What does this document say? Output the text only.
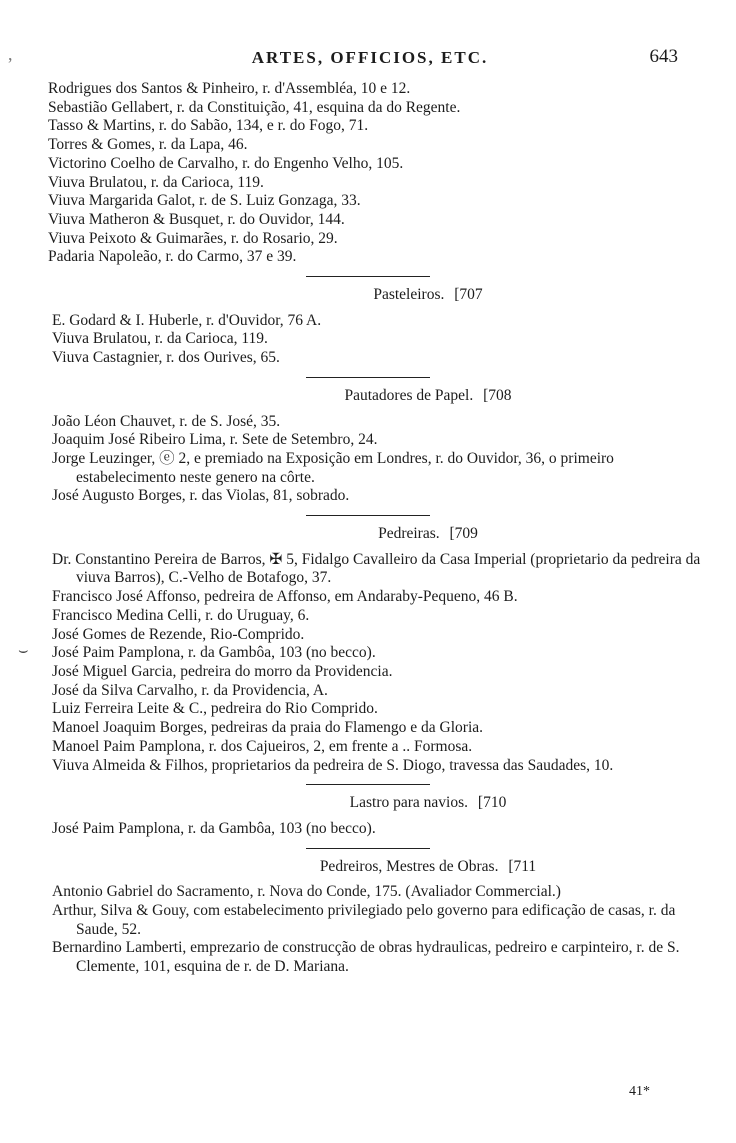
,	ARTES, OFFICIOS, ETC.	643
Rodrigues dos Santos & Pinheiro, r. d'Assembléa, 10 e 12.
Sebastião Gellabert, r. da Constituição, 41, esquina da do Regente.
Tasso & Martins, r. do Sabão, 134, e r. do Fogo, 71.
Torres & Gomes, r. da Lapa, 46.
Victorino Coelho de Carvalho, r. do Engenho Velho, 105.
Viuva Brulatou, r. da Carioca, 119.
Viuva Margarida Galot, r. de S. Luiz Gonzaga, 33.
Viuva Matheron & Busquet, r. do Ouvidor, 144.
Viuva Peixoto & Guimarães, r. do Rosario, 29.
Padaria Napoleão, r. do Carmo, 37 e 39.
Pasteleiros. [707
E. Godard & I. Huberle, r. d'Ouvidor, 76 A.
Viuva Brulatou, r. da Carioca, 119.
Viuva Castagnier, r. dos Ourives, 65.
Pautadores de Papel. [708
João Léon Chauvet, r. de S. José, 35.
Joaquim José Ribeiro Lima, r. Sete de Setembro, 24.
Jorge Leuzinger, ⓔ 2, e premiado na Exposição em Londres, r. do Ouvidor, 36, o primeiro estabelecimento neste genero na côrte.
José Augusto Borges, r. das Violas, 81, sobrado.
Pedreiras. [709
Dr. Constantino Pereira de Barros, ✠ 5, Fidalgo Cavalleiro da Casa Imperial (proprietario da pedreira da viuva Barros), C.-Velho de Botafogo, 37.
Francisco José Affonso, pedreira de Affonso, em Andaraby-Pequeno, 46 B.
Francisco Medina Celli, r. do Uruguay, 6.
José Gomes de Rezende, Rio-Comprido.
José Paim Pamplona, r. da Gambôa, 103 (no becco).
José Miguel Garcia, pedreira do morro da Providencia.
José da Silva Carvalho, r. da Providencia, A.
Luiz Ferreira Leite & C., pedreira do Rio Comprido.
Manoel Joaquim Borges, pedreiras da praia do Flamengo e da Gloria.
Manoel Paim Pamplona, r. dos Cajueiros, 2, em frente a .. Formosa.
Viuva Almeida & Filhos, proprietarios da pedreira de S. Diogo, travessa das Saudades, 10.
Lastro para navios. [710
José Paim Pamplona, r. da Gambôa, 103 (no becco).
Pedreiros, Mestres de Obras. [711
Antonio Gabriel do Sacramento, r. Nova do Conde, 175. (Avaliador Commercial.)
Arthur, Silva & Gouy, com estabelecimento privilegiado pelo governo para edificação de casas, r. da Saude, 52.
Bernardino Lamberti, emprezario de construcção de obras hydraulicas, pedreiro e carpinteiro, r. de S. Clemente, 101, esquina de r. de D. Mariana.
⌣
41*
